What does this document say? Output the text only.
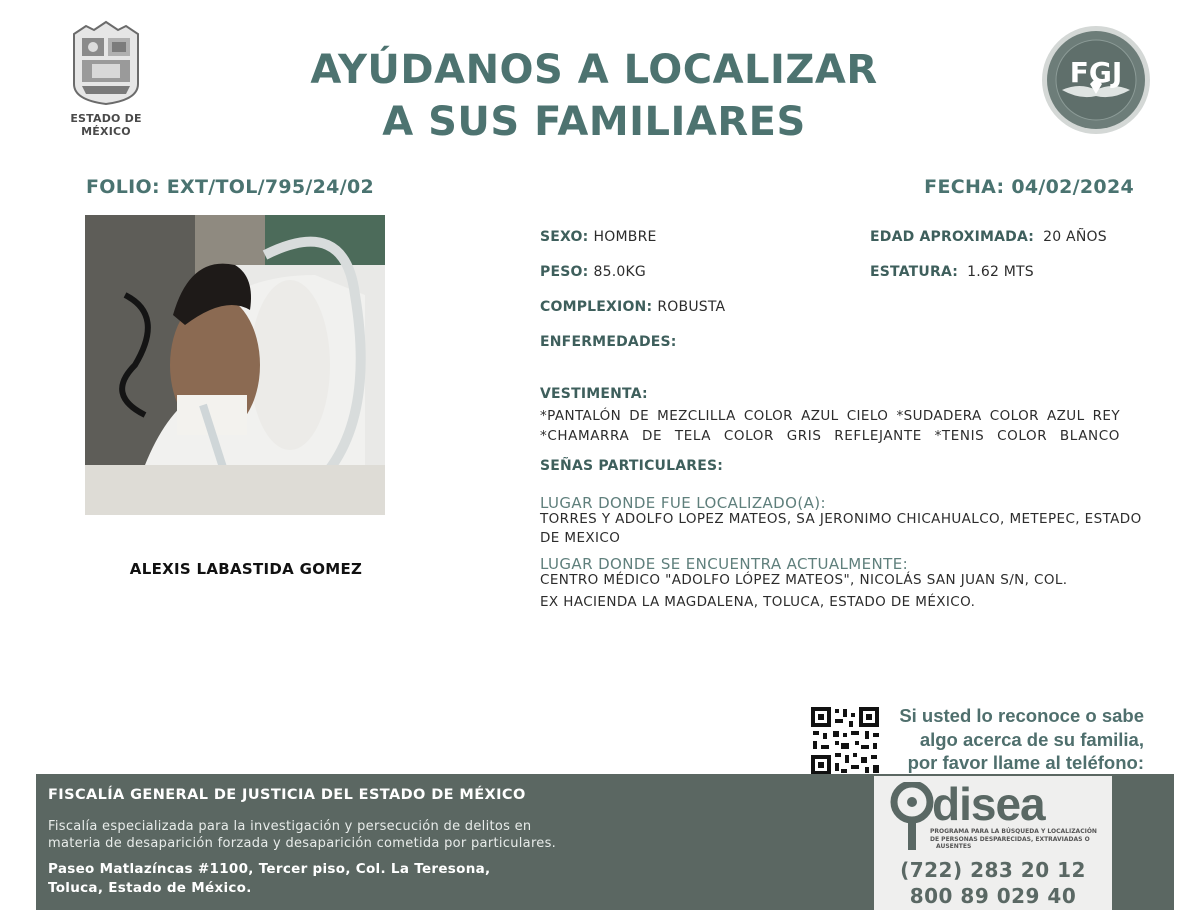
ESTADO DE MÉXICO
AYÚDANOS A LOCALIZAR
A SUS FAMILIARES
FGJ
FOLIO: EXT/TOL/795/24/02	FECHA: 04/02/2024
ALEXIS LABASTIDA GOMEZ
SEXO: HOMBRE	EDAD APROXIMADA: 20 AÑOS
PESO: 85.0KG	ESTATURA: 1.62 MTS
COMPLEXION: ROBUSTA
ENFERMEDADES:
VESTIMENTA:
*PANTALÓN DE MEZCLILLA COLOR AZUL CIELO *SUDADERA COLOR AZUL REY
*CHAMARRA DE TELA COLOR GRIS REFLEJANTE *TENIS COLOR BLANCO
SEÑAS PARTICULARES:
LUGAR DONDE FUE LOCALIZADO(A):
TORRES Y ADOLFO LOPEZ MATEOS, SA JERONIMO CHICAHUALCO, METEPEC, ESTADO
DE MEXICO
LUGAR DONDE SE ENCUENTRA ACTUALMENTE:
CENTRO MÉDICO "ADOLFO LÓPEZ MATEOS", NICOLÁS SAN JUAN S/N, COL.
EX HACIENDA LA MAGDALENA, TOLUCA, ESTADO DE MÉXICO.
Si usted lo reconoce o sabe
algo acerca de su familia,
por favor llame al teléfono:
FISCALÍA GENERAL DE JUSTICIA DEL ESTADO DE MÉXICO
Fiscalía especializada para la investigación y persecución de delitos en
materia de desaparición forzada y desaparición cometida por particulares.
Paseo Matlazíncas #1100, Tercer piso, Col. La Teresona,
Toluca, Estado de México.
disea
PROGRAMA PARA LA BÚSQUEDA Y LOCALIZACIÓN
DE PERSONAS DESPARECIDAS, EXTRAVIADAS O
AUSENTES
(722) 283 20 12
800 89 029 40
